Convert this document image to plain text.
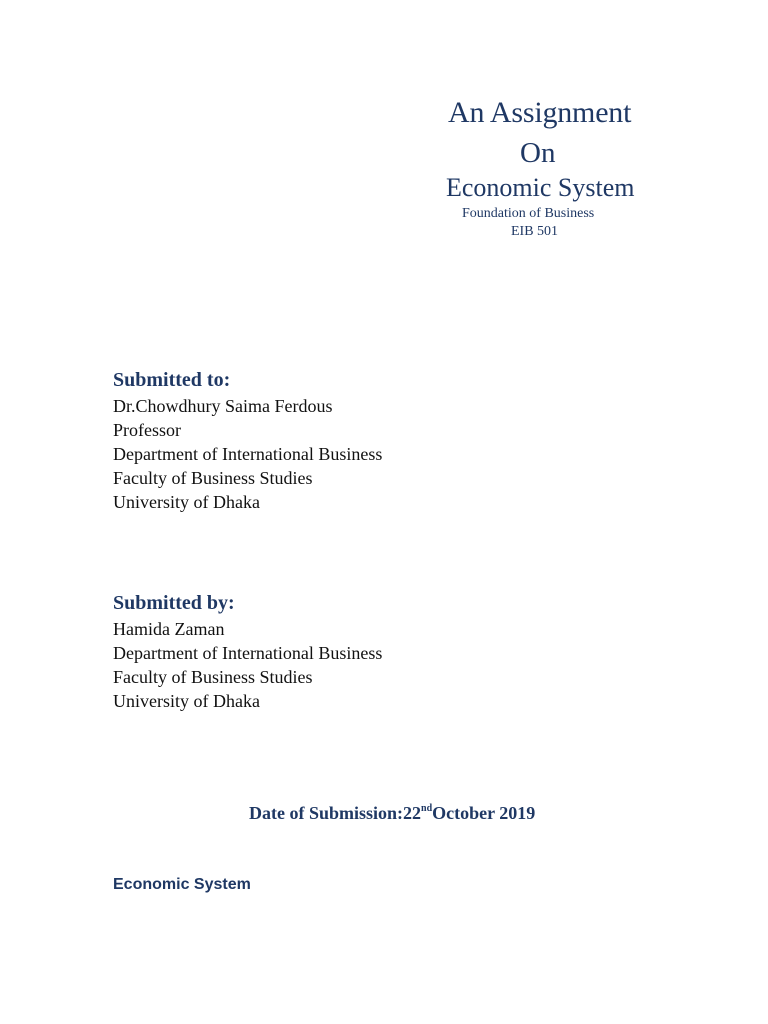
An Assignment
On
Economic System
Foundation of Business
EIB 501
Submitted to:
Dr.Chowdhury Saima Ferdous
Professor
Department of International Business
Faculty of Business Studies
University of Dhaka
Submitted by:
Hamida Zaman
Department of International Business
Faculty of Business Studies
University of Dhaka
Date of Submission:22ndOctober 2019
Economic System
